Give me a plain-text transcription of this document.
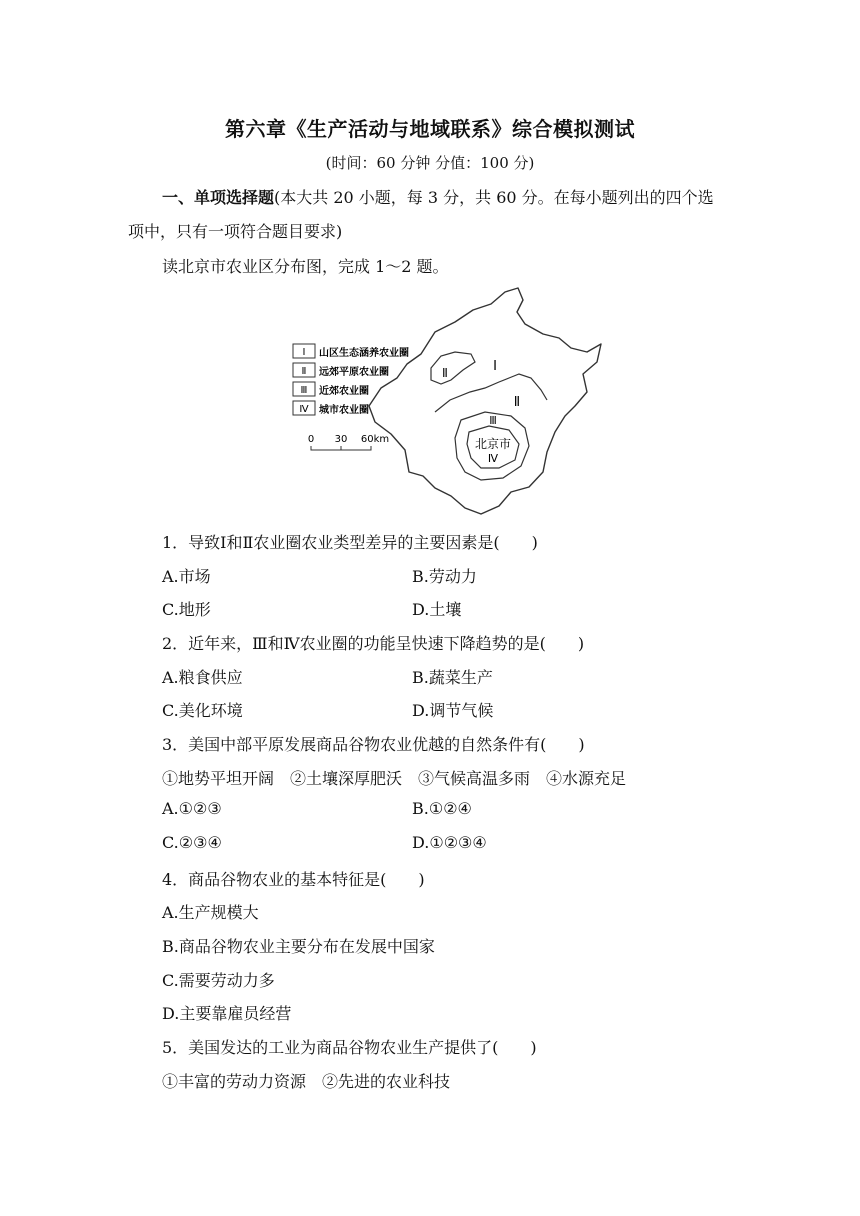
第六章《生产活动与地域联系》综合模拟测试
(时间：60 分钟 分值：100 分)
一、单项选择题(本大共 20 小题，每 3 分，共 60 分。在每小题列出的四个选
项中，只有一项符合题目要求)
读北京市农业区分布图，完成 1～2 题。
Ⅰ
Ⅱ
Ⅱ
Ⅲ
北京市
Ⅳ
Ⅰ 山区生态涵养农业圈
Ⅱ 远郊平原农业圈
Ⅲ 近郊农业圈
Ⅳ 城市农业圈
0 30 60km
1．导致Ⅰ和Ⅱ农业圈农业类型差异的主要因素是(　　)
A.市场	B.劳动力
C.地形	D.土壤
2．近年来，Ⅲ和Ⅳ农业圈的功能呈快速下降趋势的是(　　)
A.粮食供应	B.蔬菜生产
C.美化环境	D.调节气候
3．美国中部平原发展商品谷物农业优越的自然条件有(　　)
①地势平坦开阔　②土壤深厚肥沃　③气候高温多雨　④水源充足
A.①②③	B.①②④
C.②③④	D.①②③④
4．商品谷物农业的基本特征是(　　)
A.生产规模大
B.商品谷物农业主要分布在发展中国家
C.需要劳动力多
D.主要靠雇员经营
5．美国发达的工业为商品谷物农业生产提供了(　　)
①丰富的劳动力资源　②先进的农业科技
